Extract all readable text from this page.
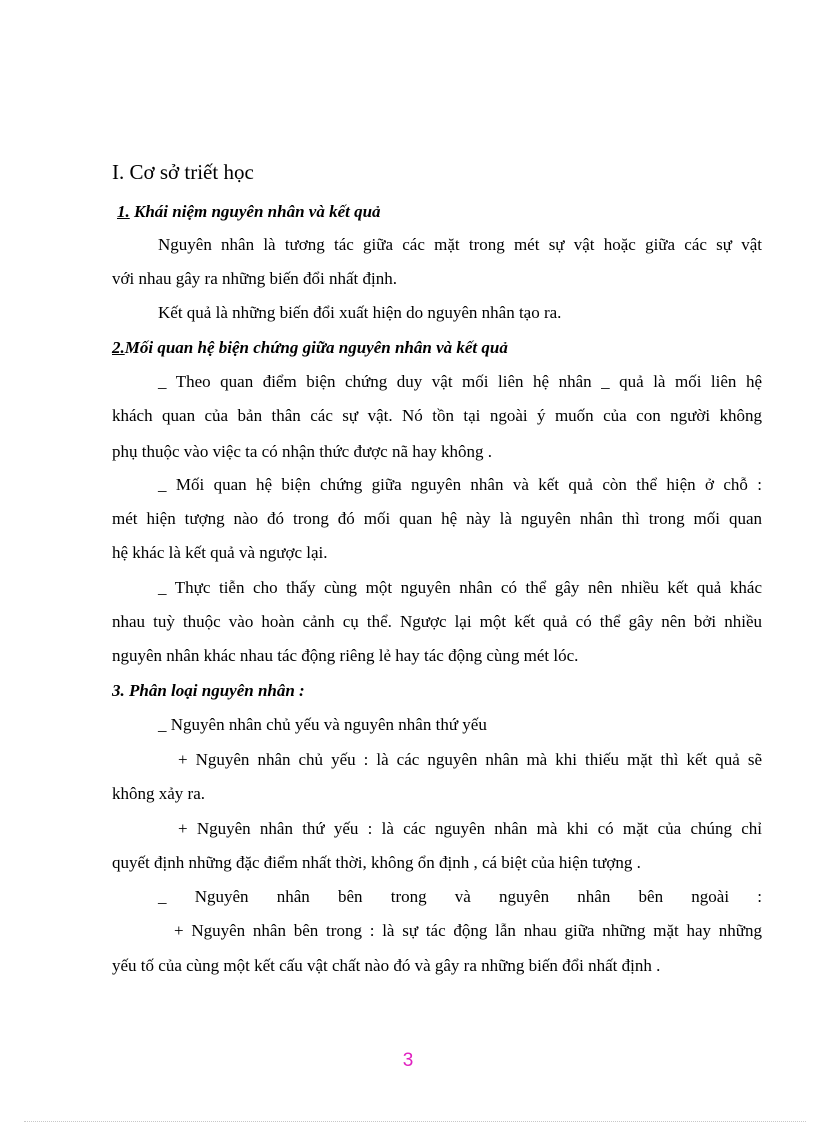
I. Cơ sở triết học
1. Khái niệm nguyên nhân và kết quả
Nguyên nhân là tương tác giữa các mặt trong mét sự vật hoặc giữa các sự vật
với nhau gây ra những biến đổi nhất định.
Kết quả là những biến đổi xuất hiện do nguyên nhân tạo ra.
2.Mối quan hệ biện chứng giữa nguyên nhân và kết quả
_ Theo quan điểm biện chứng duy vật mối liên hệ nhân _ quả là mối liên hệ
khách quan của bản thân các sự vật. Nó tồn tại ngoài ý muốn của con người không
phụ thuộc vào việc ta có nhận thức được nã hay không .
_ Mối quan hệ biện chứng giữa nguyên nhân và kết quả còn thể hiện ở chỗ :
mét hiện tượng nào đó trong đó mối quan hệ này là nguyên nhân thì trong mối quan
hệ khác là kết quả và ngược lại.
_ Thực tiễn cho thấy cùng một nguyên nhân có thể gây nên nhiều kết quả khác
nhau tuỳ thuộc vào hoàn cảnh cụ thể. Ngược lại một kết quả có thể gây nên bởi nhiều
nguyên nhân khác nhau tác động riêng lẻ hay tác động cùng mét lóc.
3. Phân loại nguyên nhân :
_ Nguyên nhân chủ yếu và nguyên nhân thứ yếu
+ Nguyên nhân chủ yếu : là các nguyên nhân mà khi thiếu mặt thì kết quả sẽ
không xảy ra.
+ Nguyên nhân thứ yếu : là các nguyên nhân mà khi có mặt của chúng chỉ
quyết định những đặc điểm nhất thời, không ổn định , cá biệt của hiện tượng .
_ Nguyên nhân bên trong và nguyên nhân bên ngoài :
+ Nguyên nhân bên trong : là sự tác động lẫn nhau giữa những mặt hay những
yếu tố của cùng một kết cấu vật chất nào đó và gây ra những biến đổi nhất định .
3
